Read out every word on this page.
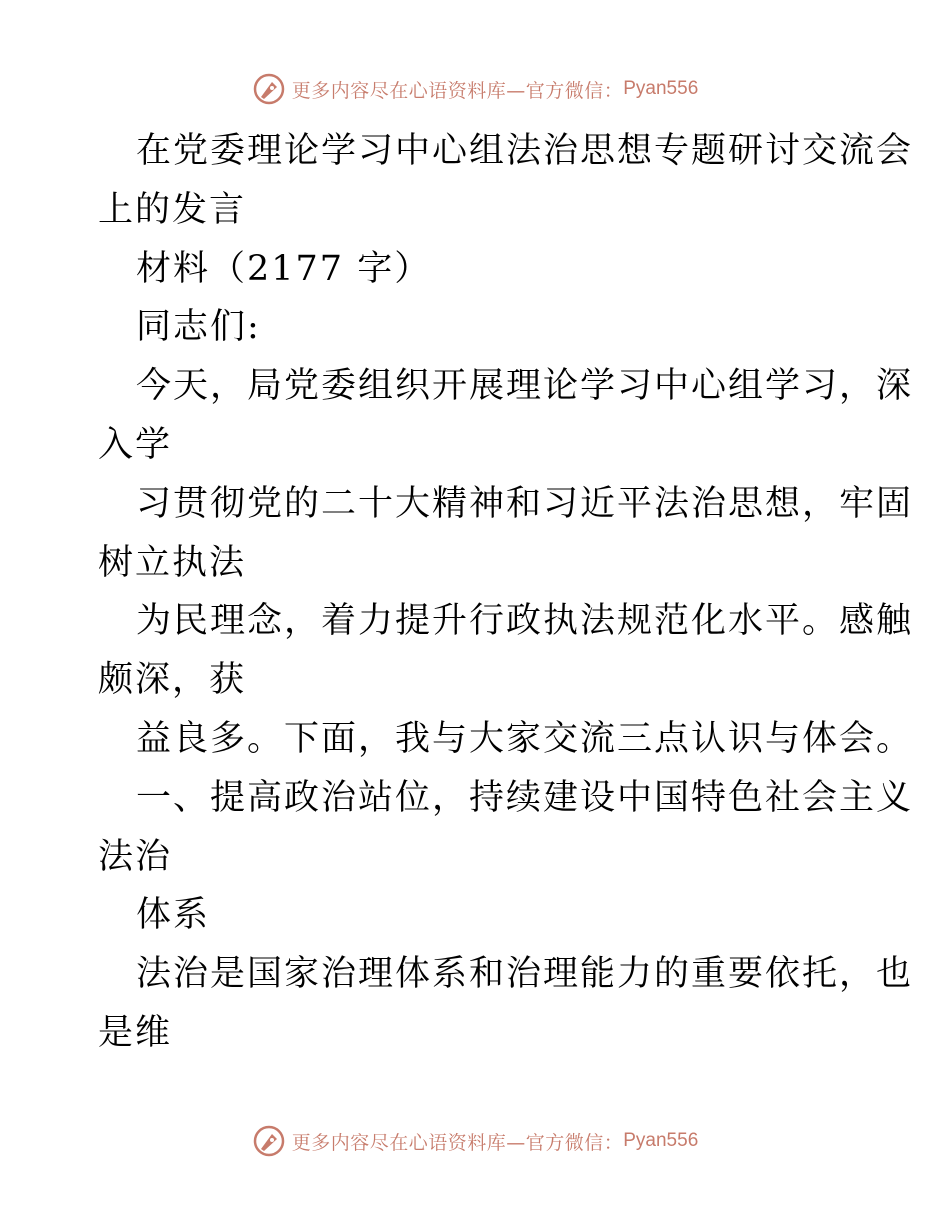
更多内容尽在心语资料库—官方微信： Pyan556
在党委理论学习中心组法治思想专题研讨交流会
上的发言
材料（2177 字）
同志们:
今天，局党委组织开展理论学习中心组学习，深
入学
习贯彻党的二十大精神和习近平法治思想，牢固
树立执法
为民理念，着力提升行政执法规范化水平。感触
颇深，获
益良多。下面，我与大家交流三点认识与体会。
一、提高政治站位，持续建设中国特色社会主义
法治
体系
法治是国家治理体系和治理能力的重要依托，也
是维
更多内容尽在心语资料库—官方微信： Pyan556
